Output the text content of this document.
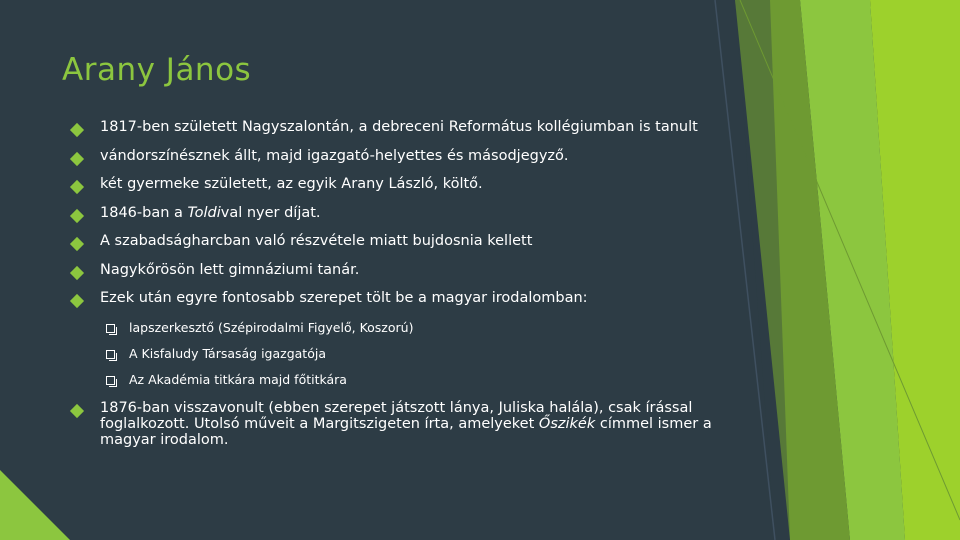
Arany János
1817-ben született Nagyszalontán, a debreceni Református kollégiumban is tanult
vándorszínésznek állt, majd igazgató-helyettes és másodjegyző.
két gyermeke született, az egyik Arany László, költő.
1846-ban a Toldival nyer díjat.
A szabadságharcban való részvétele miatt bujdosnia kellett
Nagykőrösön lett gimnáziumi tanár.
Ezek után egyre fontosabb szerepet tölt be a magyar irodalomban:
lapszerkesztő (Szépirodalmi Figyelő, Koszorú)
A Kisfaludy Társaság igazgatója
Az Akadémia titkára majd főtitkára
1876-ban visszavonult (ebben szerepet játszott lánya, Juliska halála), csak írással foglalkozott. Utolsó műveit a Margitszigeten írta, amelyeket Őszikék címmel ismer a magyar irodalom.
